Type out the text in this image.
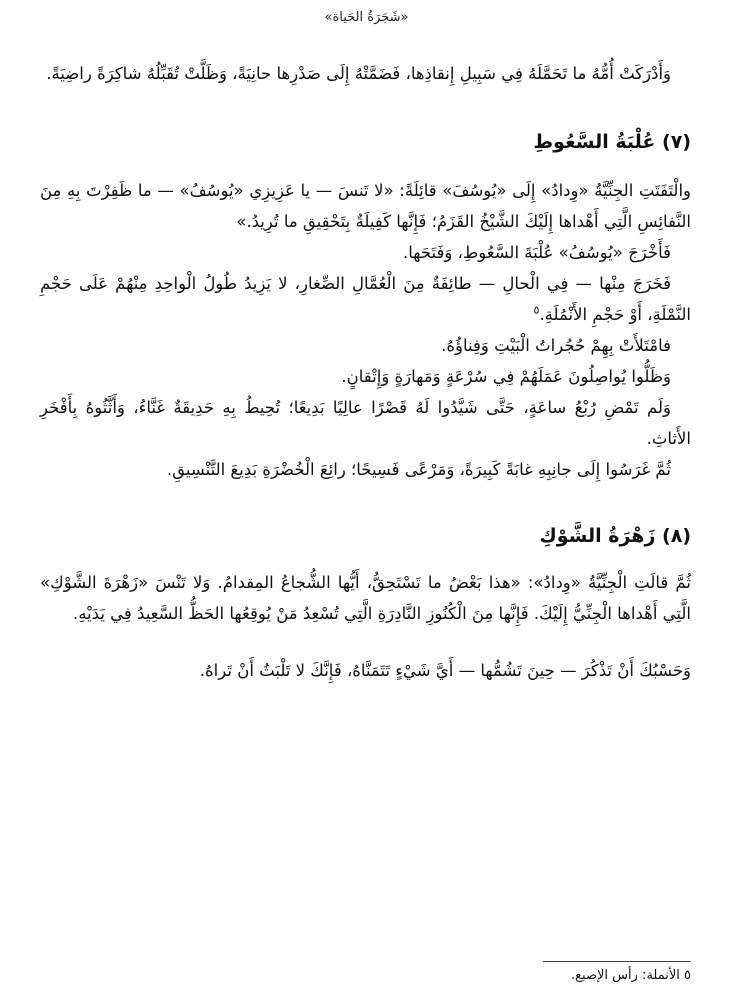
«شَجَرَةُ الحَياة»

وَأَدْرَكَتْ أُمُّهُ ما تَحَمَّلَهُ فِي سَبِيلِ إِنقاذِها، فَضَمَّتْهُ إِلَى صَدْرِها حانِيَةً، وَظَلَّتْ تُقَبِّلُهُ شاكِرَةً راضِيَةً.

(٧) عُلْبَةُ السَّعُوطِ

والْتَفَتَتِ الجِنِّيَّةُ «وِدادُ» إِلَى «يُوسُفَ» قائِلَةً: «لا تَنسَ — يا عَزِيزِي «يُوسُفُ» — ما ظَفِرْتَ بِهِ مِنَ النَّفائِسِ الَّتِي أَهْداها إِلَيْكَ الشَّيْخُ القَزَمُ؛ فَإِنَّها كَفِيلَةٌ بِتَحْقِيقِ ما تُرِيدُ.»

فَأَخْرَجَ «يُوسُفُ» عُلْبَةَ السَّعُوطِ، وَفَتَحَها.

فَخَرَجَ مِنْها — فِي الْحالِ — طائِفَةٌ مِنَ الْعُمَّالِ الصِّغارِ، لا يَزِيدُ طُولُ الْواحِدِ مِنْهُمْ عَلَى حَجْمِ النَّمْلَةِ، أَوْ حَجْمِ الأَنْمُلَةِ.$^٥$

فامْتَلأَتْ بِهِمْ حُجُراتُ الْبَيْتِ وَفِناؤُهُ.

وَظَلُّوا يُواصِلُونَ عَمَلَهُمْ فِي سُرْعَةٍ وَمَهارَةٍ وَإِتْقانٍ.

وَلَم تَمْضِ رُبْعُ ساعَةٍ، حَتَّى شَيَّدُوا لَهُ قَصْرًا عالِيًا بَدِيعًا؛ تُحِيطُ بِهِ حَدِيقَةٌ غَنَّاءُ، وَأَثَّثُوهُ بِأَفْخَرِ الأَثاثِ.

ثُمَّ غَرَسُوا إِلَى جانِبِهِ غابَةً كَبِيرَةً، وَمَرْعًى فَسِيحًا؛ رائِعَ الْخُضْرَةِ بَدِيعَ التَّنْسِيقِ.

(٨) زَهْرَةُ الشَّوْكِ

ثُمَّ قالَتِ الْجِنِّيَّةُ «وِدادُ»: «هذا بَعْضُ ما تَسْتَحِقُّ، أَيُّها الشُّجاعُ المِقدامُ. وَلا تَنْسَ «زَهْرَةَ الشَّوْكِ» الَّتِي أَهْداها الْجِنِّيُّ إِلَيْكَ. فَإِنَّها مِنَ الْكُنُوزِ النَّادِرَةِ الَّتِي تُسْعِدُ مَنْ يُوقِعُها الحَظُّ السَّعِيدُ فِي يَدَيْهِ.

وَحَسْبُكَ أَنْ تَذْكُرَ — حِينَ تَشُمُّها — أَيَّ شَيْءٍ تَتَمَنَّاهُ، فَإِنَّكَ لا تَلْبَثُ أَنْ تَراهُ.

٥ الأنملة: رأس الإصبع.
